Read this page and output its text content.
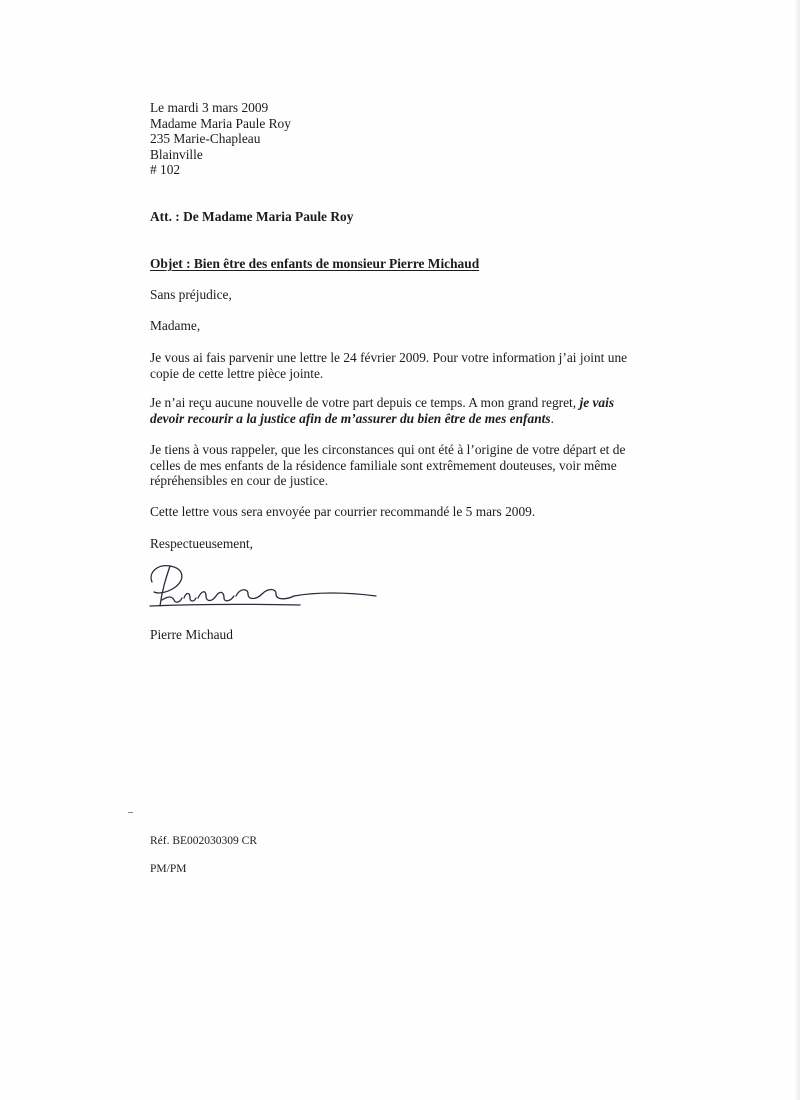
Le mardi 3 mars 2009
Madame Maria Paule Roy
235 Marie-Chapleau
Blainville
# 102
Att. : De Madame Maria Paule Roy
Objet : Bien être des enfants de monsieur Pierre Michaud
Sans préjudice,
Madame,
Je vous ai fais parvenir une lettre le 24 février 2009. Pour votre information j’ai joint une
copie de cette lettre pièce jointe.
Je n’ai reçu aucune nouvelle de votre part depuis ce temps. A mon grand regret, je vais
devoir recourir a la justice afin de m’assurer du bien être de mes enfants.
Je tiens à vous rappeler, que les circonstances qui ont été à l’origine de votre départ et de
celles de mes enfants de la résidence familiale sont extrêmement douteuses, voir même
répréhensibles en cour de justice.
Cette lettre vous sera envoyée par courrier recommandé le 5 mars 2009.
Respectueusement,
Pierre Michaud
Réf. BE002030309 CR
PM/PM
